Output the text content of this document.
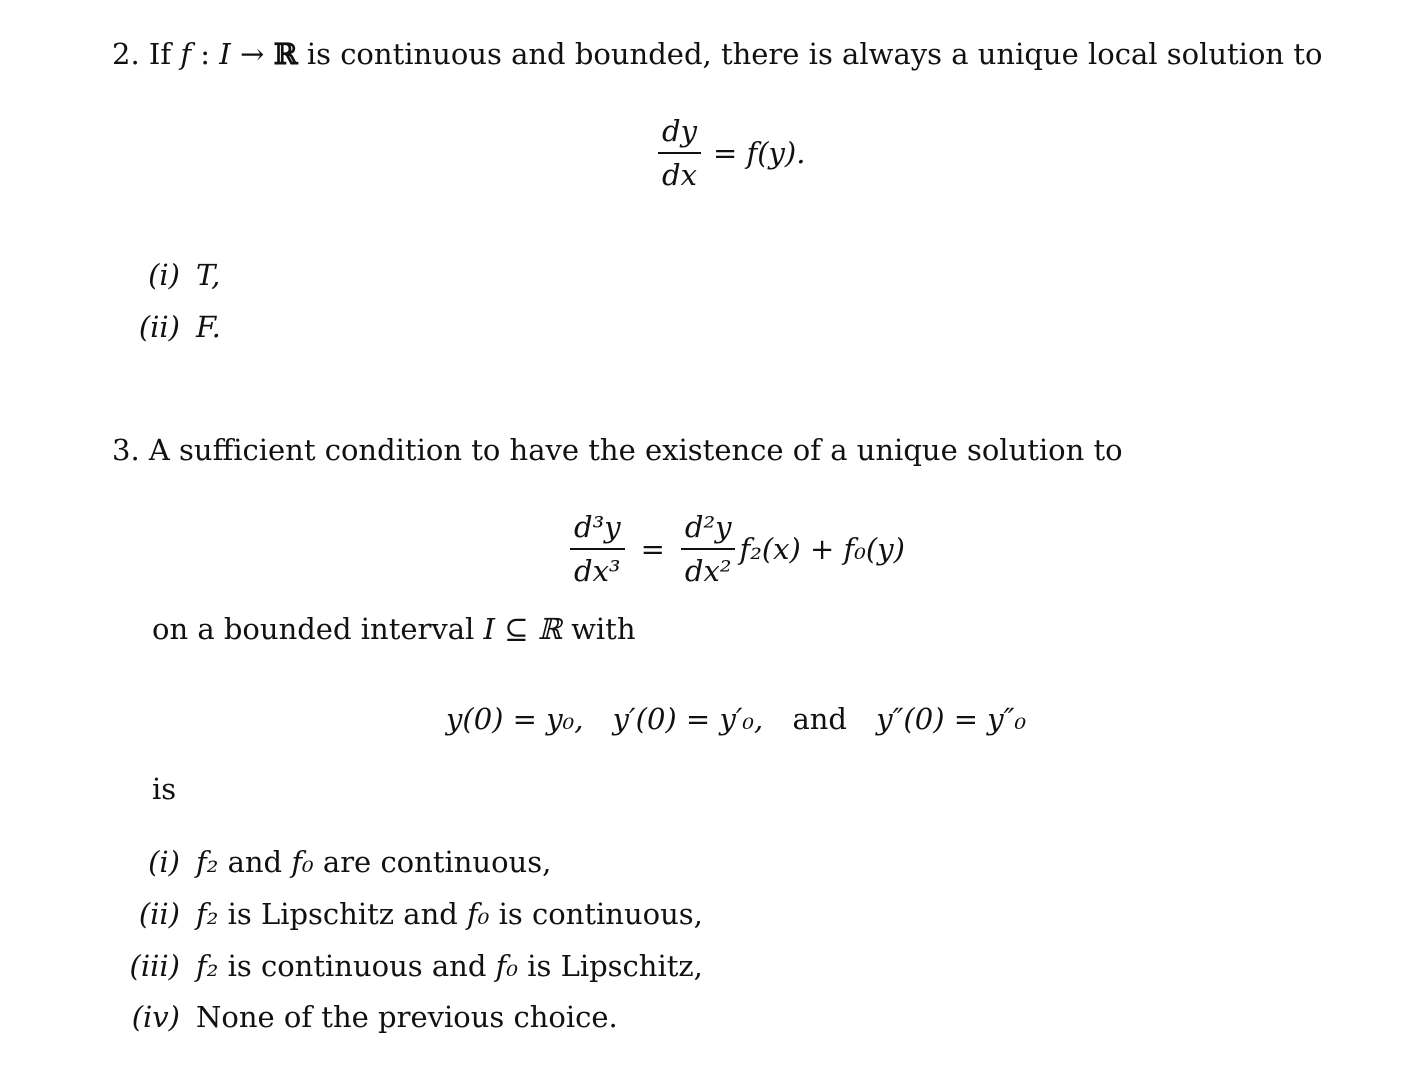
2. If f : I → ℝ is continuous and bounded, there is always a unique local solution to
$\frac{dy}{dx} = f(y)$.
(i) T,
(ii) F.
3. A sufficient condition to have the existence of a unique solution to
$\frac{\text{d³y}}{\text{dx³}} = \frac{\text{d²y}}{\text{dx²}} f_2(x) + f_0(y)$
on a bounded interval I ⊆ ℝ with
y(0) = y₀, y′(0) = y′₀, and y″(0) = y″₀
is
(i) f₂ and f₀ are continuous,
(ii) f₂ is Lipschitz and f₀ is continuous,
(iii) f₂ is continuous and f₀ is Lipschitz,
(iv) None of the previous choice.
